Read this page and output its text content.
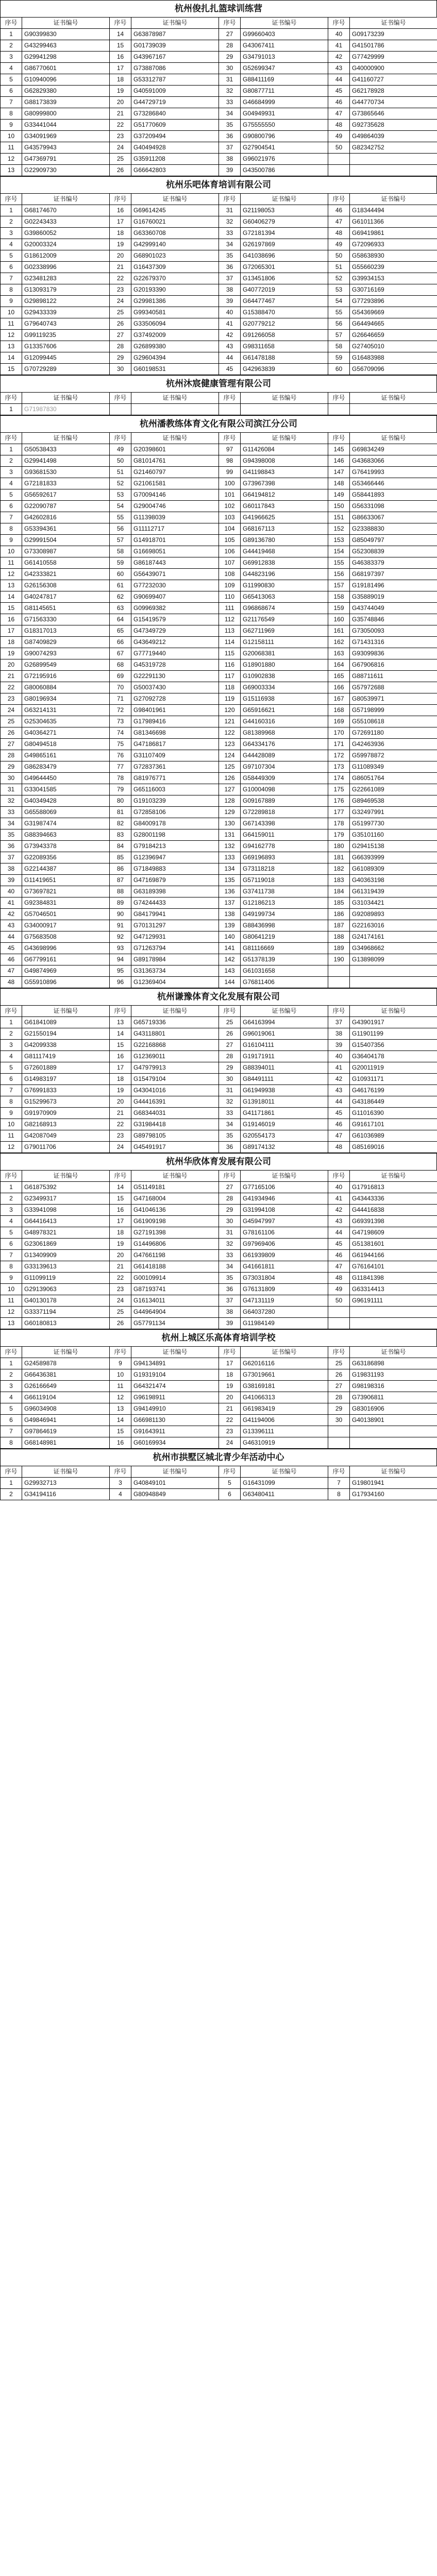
杭州俊扎扎篮球训练营
序号	证书编号	序号	证书编号	序号	证书编号	序号	证书编号
1	G90399830	14	G63878987	27	G99660403	40	G09173239
2	G43299463	15	G01739039	28	G43067411	41	G41501786
3	G29941298	16	G43967167	29	G34791013	42	G77429999
4	G86770601	17	G73887086	30	G52699347	43	G40000900
5	G10940096	18	G53312787	31	G88411169	44	G41160727
6	G62829380	19	G40591009	32	G80877711	45	G62178928
7	G88173839	20	G44729719	33	G46684999	46	G44770734
8	G80999800	21	G73286840	34	G04949931	47	G73865646
9	G33441044	22	G51770609	35	G75555550	48	G92735628
10	G34091969	23	G37209494	36	G90800796	49	G49864039
11	G43579943	24	G40494928	37	G27904541	50	G82342752
12	G47369791	25	G35911208	38	G96021976		
13	G22909730	26	G66642803	39	G43500786		
杭州乐吧体育培训有限公司
序号	证书编号	序号	证书编号	序号	证书编号	序号	证书编号
1	G68174670	16	G69614245	31	G21198053	46	G18344494
2	G02243433	17	G16760021	32	G60406279	47	G61011366
3	G39860052	18	G63360708	33	G72181394	48	G69419861
4	G20003324	19	G42999140	34	G26197869	49	G72096933
5	G18612009	20	G68901023	35	G41038696	50	G58638930
6	G02338996	21	G16437309	36	G72065301	51	G55660239
7	G23481283	22	G22679370	37	G13451806	52	G39934153
8	G13093179	23	G20193390	38	G40772019	53	G30716169
9	G29898122	24	G29981386	39	G64477467	54	G77293896
10	G29433339	25	G99340581	40	G15388470	55	G54369669
11	G79640743	26	G33506094	41	G20779212	56	G64494665
12	G99119235	27	G37492009	42	G91266058	57	G26646659
13	G13357606	28	G26899380	43	G98311658	58	G27405010
14	G12099445	29	G29604394	44	G61478188	59	G16483988
15	G70729289	30	G60198531	45	G42963839	60	G56709096
杭州沐宸健康管理有限公司
序号	证书编号	序号	证书编号	序号	证书编号	序号	证书编号
1	G71987830						
杭州潘教练体育文化有限公司滨江分公司
序号	证书编号	序号	证书编号	序号	证书编号	序号	证书编号
1	G50538433	49	G20398601	97	G11426084	145	G69834249
2	G29941498	50	G81014761	98	G94398008	146	G43683066
3	G93681530	51	G21460797	99	G41198843	147	G76419993
4	G72181833	52	G21061581	100	G73967398	148	G53466446
5	G56592617	53	G70094146	101	G64194812	149	G58441893
6	G22090787	54	G29004746	102	G60117843	150	G56331098
7	G42602816	55	G11398039	103	G41966625	151	G86633067
8	G53394361	56	G11112717	104	G68167113	152	G23388830
9	G29991504	57	G14918701	105	G89136780	153	G85049797
10	G73308987	58	G16698051	106	G44419468	154	G52308839
11	G61410558	59	G86187443	107	G69912838	155	G46383379
12	G42333821	60	G56439071	108	G44823196	156	G68197397
13	G26156308	61	G77232030	109	G11990830	157	G19181496
14	G40247817	62	G90699407	110	G65413063	158	G35889019
15	G81145651	63	G09969382	111	G96868674	159	G43744049
16	G71563330	64	G15419579	112	G21176549	160	G35748846
17	G18317013	65	G47349729	113	G62711969	161	G73050093
18	G87409829	66	G43649212	114	G12158111	162	G71431316
19	G90074293	67	G77719440	115	G20068381	163	G93099836
20	G26899549	68	G45319728	116	G18901880	164	G67906816
21	G72195916	69	G22291130	117	G10902838	165	G88711611
22	G80060884	70	G50037430	118	G69003334	166	G57972688
23	G80196934	71	G27092728	119	G15116938	167	G80539971
24	G63214131	72	G98401961	120	G65916621	168	G57198999
25	G25304635	73	G17989416	121	G44160316	169	G55108618
26	G40364271	74	G81346698	122	G81389968	170	G72691180
27	G80494518	75	G47186817	123	G64334176	171	G42463936
28	G49865161	76	G31107409	124	G44428089	172	G59978872
29	G86283479	77	G72837361	125	G97107304	173	G11089349
30	G49644450	78	G81976771	126	G58449309	174	G86051764
31	G33041585	79	G65116003	127	G10004098	175	G22661089
32	G40349428	80	G19103239	128	G09167889	176	G89469538
33	G65588069	81	G72858106	129	G72289818	177	G32497991
34	G31987474	82	G84009178	130	G67143398	178	G51997730
35	G88394663	83	G28001198	131	G64159011	179	G35101160
36	G73943378	84	G79184213	132	G94162778	180	G29415138
37	G22089356	85	G12396947	133	G69196893	181	G66393999
38	G22144387	86	G71849883	134	G73118218	182	G61089309
39	G11419651	87	G47169879	135	G57119018	183	G40363198
40	G73697821	88	G63189398	136	G37411738	184	G61319439
41	G92384831	89	G74244433	137	G12186213	185	G31034421
42	G57046501	90	G84179941	138	G49199734	186	G92089893
43	G34000917	91	G70131297	139	G88436998	187	G22163016
44	G75683508	92	G47129931	140	G80641219	188	G24174161
45	G43698996	93	G71263794	141	G81116669	189	G34968662
46	G67799161	94	G89178984	142	G51378139	190	G13898099
47	G49874969	95	G31363734	143	G61031658		
48	G55910896	96	G12369404	144	G76811406		
杭州谦豫体育文化发展有限公司
序号	证书编号	序号	证书编号	序号	证书编号	序号	证书编号
1	G61841089	13	G65719336	25	G64163994	37	G43901917
2	G21550194	14	G43118801	26	G96019061	38	G11901199
3	G42099338	15	G22168868	27	G16104111	39	G15407356
4	G81117419	16	G12369011	28	G19171911	40	G36404178
5	G72601889	17	G47979913	29	G88394011	41	G20011919
6	G14983197	18	G15479104	30	G84491111	42	G10931171
7	G76991833	19	G43041016	31	G61949938	43	G46176199
8	G15299673	20	G44416391	32	G13918011	44	G43186449
9	G91970909	21	G68344031	33	G41171861	45	G11016390
10	G82168913	22	G31984418	34	G19146019	46	G91617101
11	G42087049	23	G89798105	35	G20554173	47	G61036989
12	G79011706	24	G45491917	36	G89174132	48	G85169016
杭州华欣体育发展有限公司
序号	证书编号	序号	证书编号	序号	证书编号	序号	证书编号
1	G61875392	14	G51149181	27	G77165106	40	G17916813
2	G23499317	15	G47168004	28	G41934946	41	G43443336
3	G33941098	16	G41046136	29	G31994108	42	G44416838
4	G64416413	17	G61909198	30	G45947997	43	G69391398
5	G48978321	18	G27191398	31	G78161106	44	G47198609
6	G23061869	19	G14496806	32	G97969406	45	G51381601
7	G13409909	20	G47661198	33	G61939809	46	G61944166
8	G33139613	21	G61418188	34	G41661811	47	G76164101
9	G11099119	22	G00109914	35	G73031804	48	G11841398
10	G29139063	23	G87193741	36	G76131809	49	G63314413
11	G40130178	24	G16134011	37	G47131119	50	G96191111
12	G33371194	25	G44964904	38	G64037280		
13	G60180813	26	G57791134	39	G11984149		
杭州上城区乐高体育培训学校
序号	证书编号	序号	证书编号	序号	证书编号	序号	证书编号
1	G24589878	9	G94134891	17	G62016116	25	G63186898
2	G66436381	10	G19319104	18	G73019661	26	G19831193
3	G26166649	11	G64321474	19	G38169181	27	G98198316
4	G66119104	12	G96198911	20	G41066313	28	G73906811
5	G96034908	13	G94149910	21	G61983419	29	G83016906
6	G49846941	14	G66981130	22	G41194006	30	G40138901
7	G97864619	15	G91643911	23	G13396111		
8	G68148981	16	G60169934	24	G46310919		
杭州市拱墅区城北青少年活动中心
序号	证书编号	序号	证书编号	序号	证书编号	序号	证书编号
1	G29932713	3	G40849101	5	G16431099	7	G19801941
2	G34194116	4	G80948849	6	G63480411	8	G17934160
